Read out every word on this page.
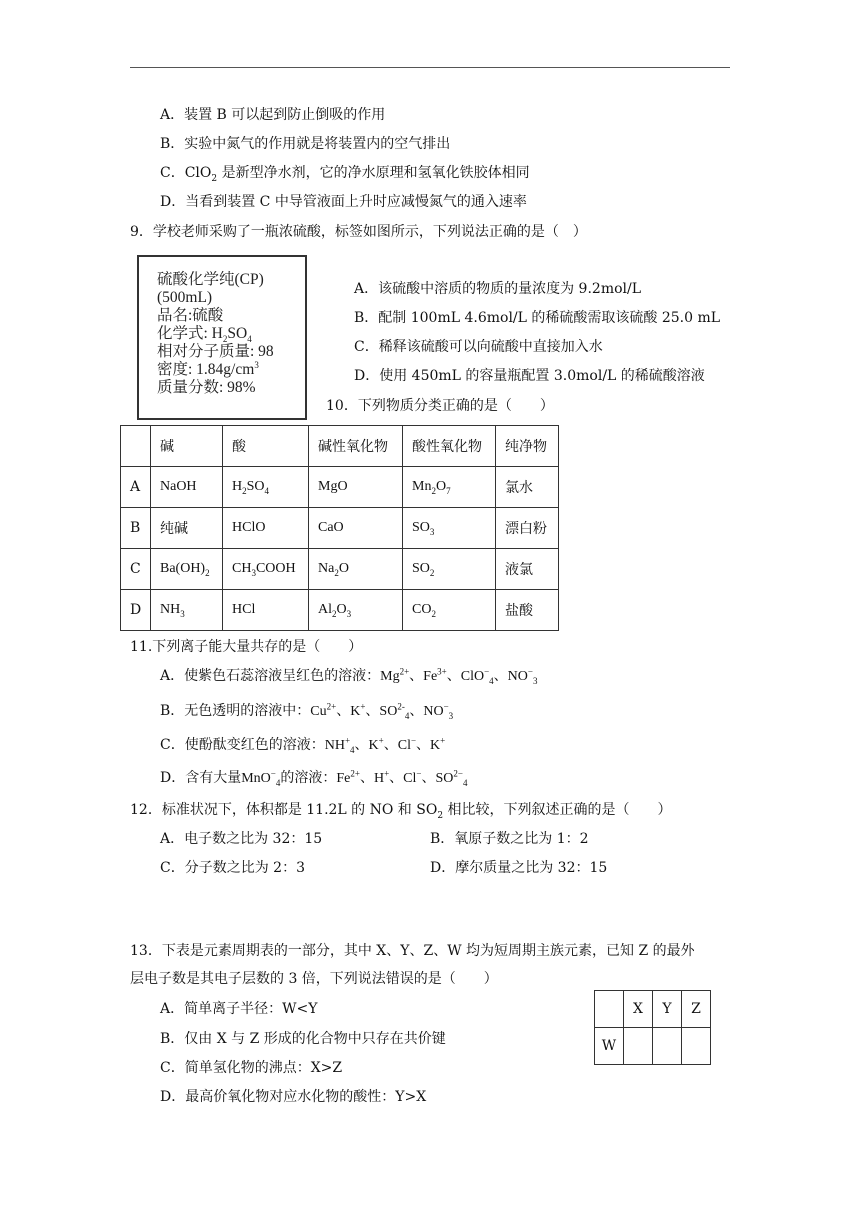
A．装置 B 可以起到防止倒吸的作用
B．实验中氮气的作用就是将装置内的空气排出
C．ClO$_2$ 是新型净水剂，它的净水原理和氢氧化铁胶体相同
D．当看到装置 C 中导管液面上升时应减慢氮气的通入速率
9．学校老师采购了一瓶浓硫酸，标签如图所示，下列说法正确的是（　）
硫酸化学纯(CP)
(500mL)
品名:硫酸
化学式: $H_2SO_4$
相对分子质量: 98
密度: $1.84g/cm^3$
质量分数: 98%
A．该硫酸中溶质的物质的量浓度为 9.2mol/L
B．配制 100mL 4.6mol/L 的稀硫酸需取该硫酸 25.0 mL
C．稀释该硫酸可以向硫酸中直接加入水
D．使用 450mL 的容量瓶配置 3.0mol/L 的稀硫酸溶液
10．下列物质分类正确的是（　　）
	碱	酸	碱性氧化物	酸性氧化物	纯净物
A	NaOH	$H_2SO_4$	MgO	$Mn_2O_7$	氯水
B	纯碱	HClO	CaO	$SO_3$	漂白粉
C	$Ba(OH)_2$	$CH_3COOH$	$Na_2O$	$SO_2$	液氯
D	$NH_3$	HCl	$Al_2O_3$	$CO_2$	盐酸
11.下列离子能大量共存的是（　　）
A．使紫色石蕊溶液呈红色的溶液：$Mg^{2+}$、$Fe^{3+}$、ClO−$_4$、$NO^-_3$
B．无色透明的溶液中：$Cu^{2+}$、K+、$SO^{2-}_4$、$NO^-_3$
C．使酚酞变红色的溶液：$NH^+_4$、K+、Cl−、K+
D．含有大量MnO−$_4$的溶液：$Fe^{2+}$、H+、Cl−、$SO^{2-}_4$
12．标准状况下，体积都是 11.2L 的 NO 和 $SO_2$ 相比较，下列叙述正确的是（　　）
A．电子数之比为 32：15	B．氧原子数之比为 1：2
C．分子数之比为 2：3	D．摩尔质量之比为 32：15
13．下表是元素周期表的一部分，其中 X、Y、Z、W 均为短周期主族元素，已知 Z 的最外
层电子数是其电子层数的 3 倍，下列说法错误的是（　　）
A．简单离子半径：W<Y
B．仅由 X 与 Z 形成的化合物中只存在共价键
C．简单氢化物的沸点：X>Z
D．最高价氧化物对应水化物的酸性：Y>X
	X	Y	Z
W			
